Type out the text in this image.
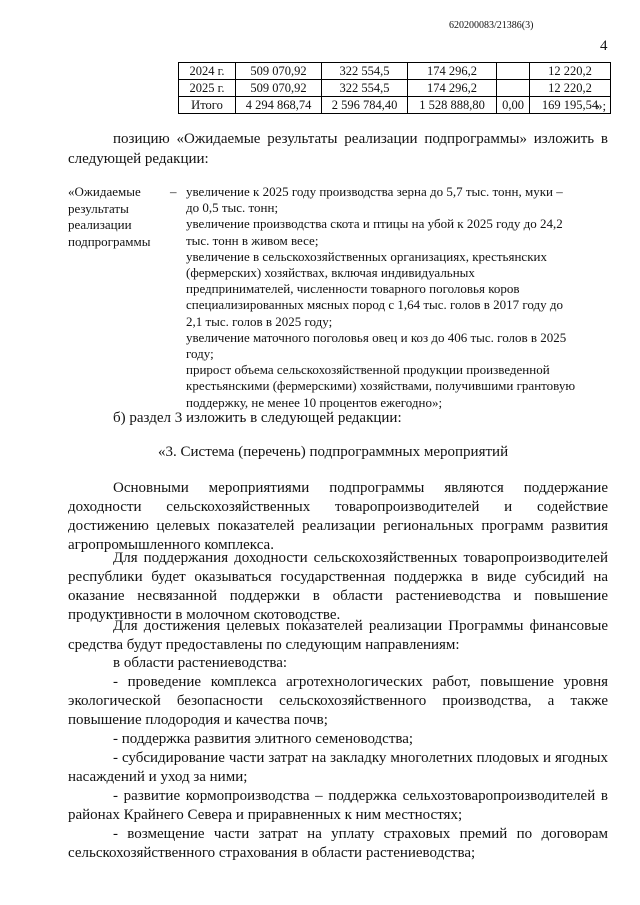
620200083/21386(3)
4
2024 г.	509 070,92	322 554,5	174 296,2		12 220,2
2025 г.	509 070,92	322 554,5	174 296,2		12 220,2
Итого	4 294 868,74	2 596 784,40	1 528 888,80	0,00	169 195,54
»;
позицию «Ожидаемые результаты реализации подпрограммы» изложить в
следующей редакции:
«Ожидаемые
результаты
реализации
подпрограммы
– увеличение к 2025 году производства зерна до 5,7 тыс. тонн, муки – до 0,5 тыс. тонн;
увеличение производства скота и птицы на убой к 2025 году до 24,2 тыс. тонн в живом весе;
увеличение в сельскохозяйственных организациях, крестьянских (фермерских) хозяйствах, включая индивидуальных предпринимателей, численности товарного поголовья коров специализированных мясных пород с 1,64 тыс. голов в 2017 году до 2,1 тыс. голов в 2025 году;
увеличение маточного поголовья овец и коз до 406 тыс. голов в 2025 году;
прирост объема сельскохозяйственной продукции произведенной крестьянскими (фермерскими) хозяйствами, получившими грантовую поддержку, не менее 10 процентов ежегодно»;
б) раздел 3 изложить в следующей редакции:
«3. Система (перечень) подпрограммных мероприятий
Основными мероприятиями подпрограммы являются поддержание доходности сельскохозяйственных товаропроизводителей и содействие достижению целевых показателей реализации региональных программ развития агропромышленного комплекса.
Для поддержания доходности сельскохозяйственных товаропроизводителей республики будет оказываться государственная поддержка в виде субсидий на оказание несвязанной поддержки в области растениеводства и повышение продуктивности в молочном скотоводстве.
Для достижения целевых показателей реализации Программы финансовые средства будут предоставлены по следующим направлениям:
в области растениеводства:
- проведение комплекса агротехнологических работ, повышение уровня экологической безопасности сельскохозяйственного производства, а также повышение плодородия и качества почв;
- поддержка развития элитного семеноводства;
- субсидирование части затрат на закладку многолетних плодовых и ягодных насаждений и уход за ними;
- развитие кормопроизводства – поддержка сельхозтоваропроизводителей в районах Крайнего Севера и приравненных к ним местностях;
- возмещение части затрат на уплату страховых премий по договорам сельскохозяйственного страхования в области растениеводства;
